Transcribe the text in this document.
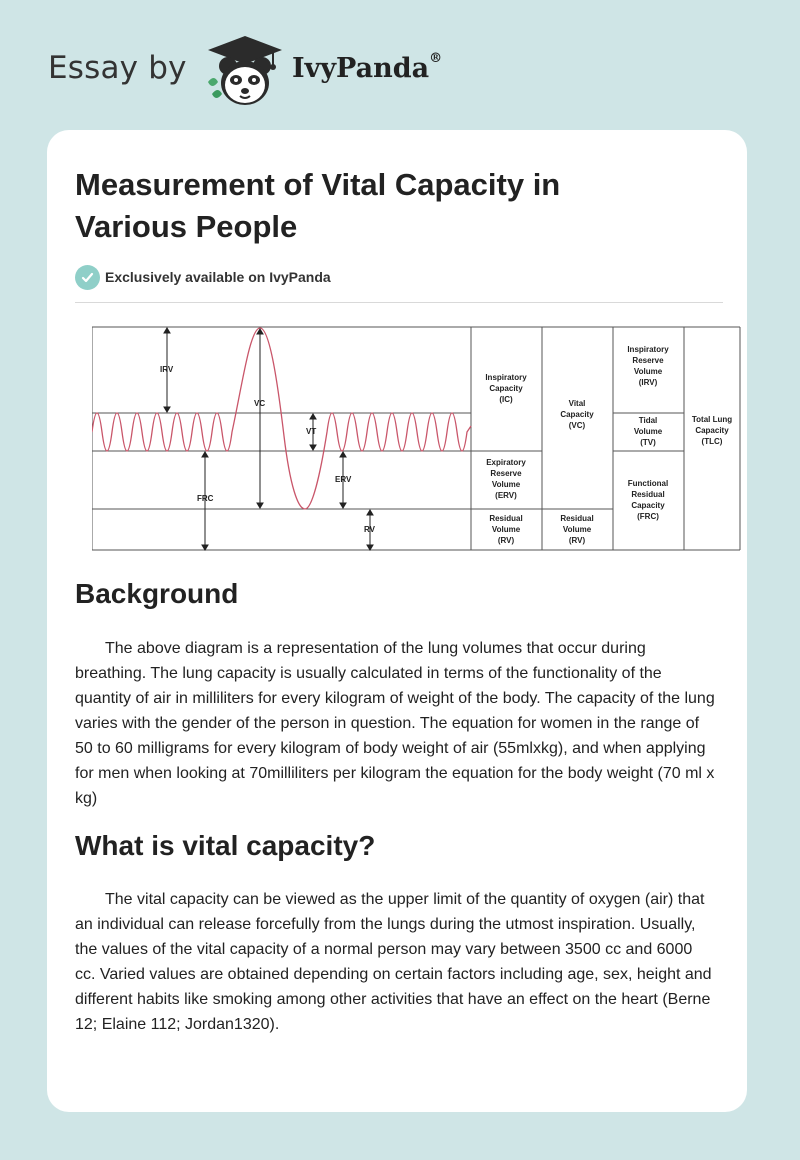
Essay by	IvyPanda®
Measurement of Vital Capacity in Various People
Exclusively available on IvyPanda
IRV
VC
VT
ERV
FRC
RV
Inspiratory Capacity (IC)
Expiratory Reserve Volume (ERV)
Residual Volume (RV)
Vital Capacity (VC)
Residual Volume (RV)
Inspiratory Reserve Volume (IRV)
Tidal Volume (TV)
Functional Residual Capacity (FRC)
Total Lung Capacity (TLC)
Background

The above diagram is a representation of the lung volumes that occur during breathing. The lung capacity is usually calculated in terms of the functionality of the quantity of air in milliliters for every kilogram of weight of the body. The capacity of the lung varies with the gender of the person in question. The equation for women in the range of 50 to 60 milligrams for every kilogram of body weight of air (55mlxkg), and when applying for men when looking at 70milliliters per kilogram the equation for the body weight (70 ml x kg)

What is vital capacity?

The vital capacity can be viewed as the upper limit of the quantity of oxygen (air) that an individual can release forcefully from the lungs during the utmost inspiration. Usually, the values of the vital capacity of a normal person may vary between 3500 cc and 6000 cc. Varied values are obtained depending on certain factors including age, sex, height and different habits like smoking among other activities that have an effect on the heart (Berne 12; Elaine 112; Jordan1320).
